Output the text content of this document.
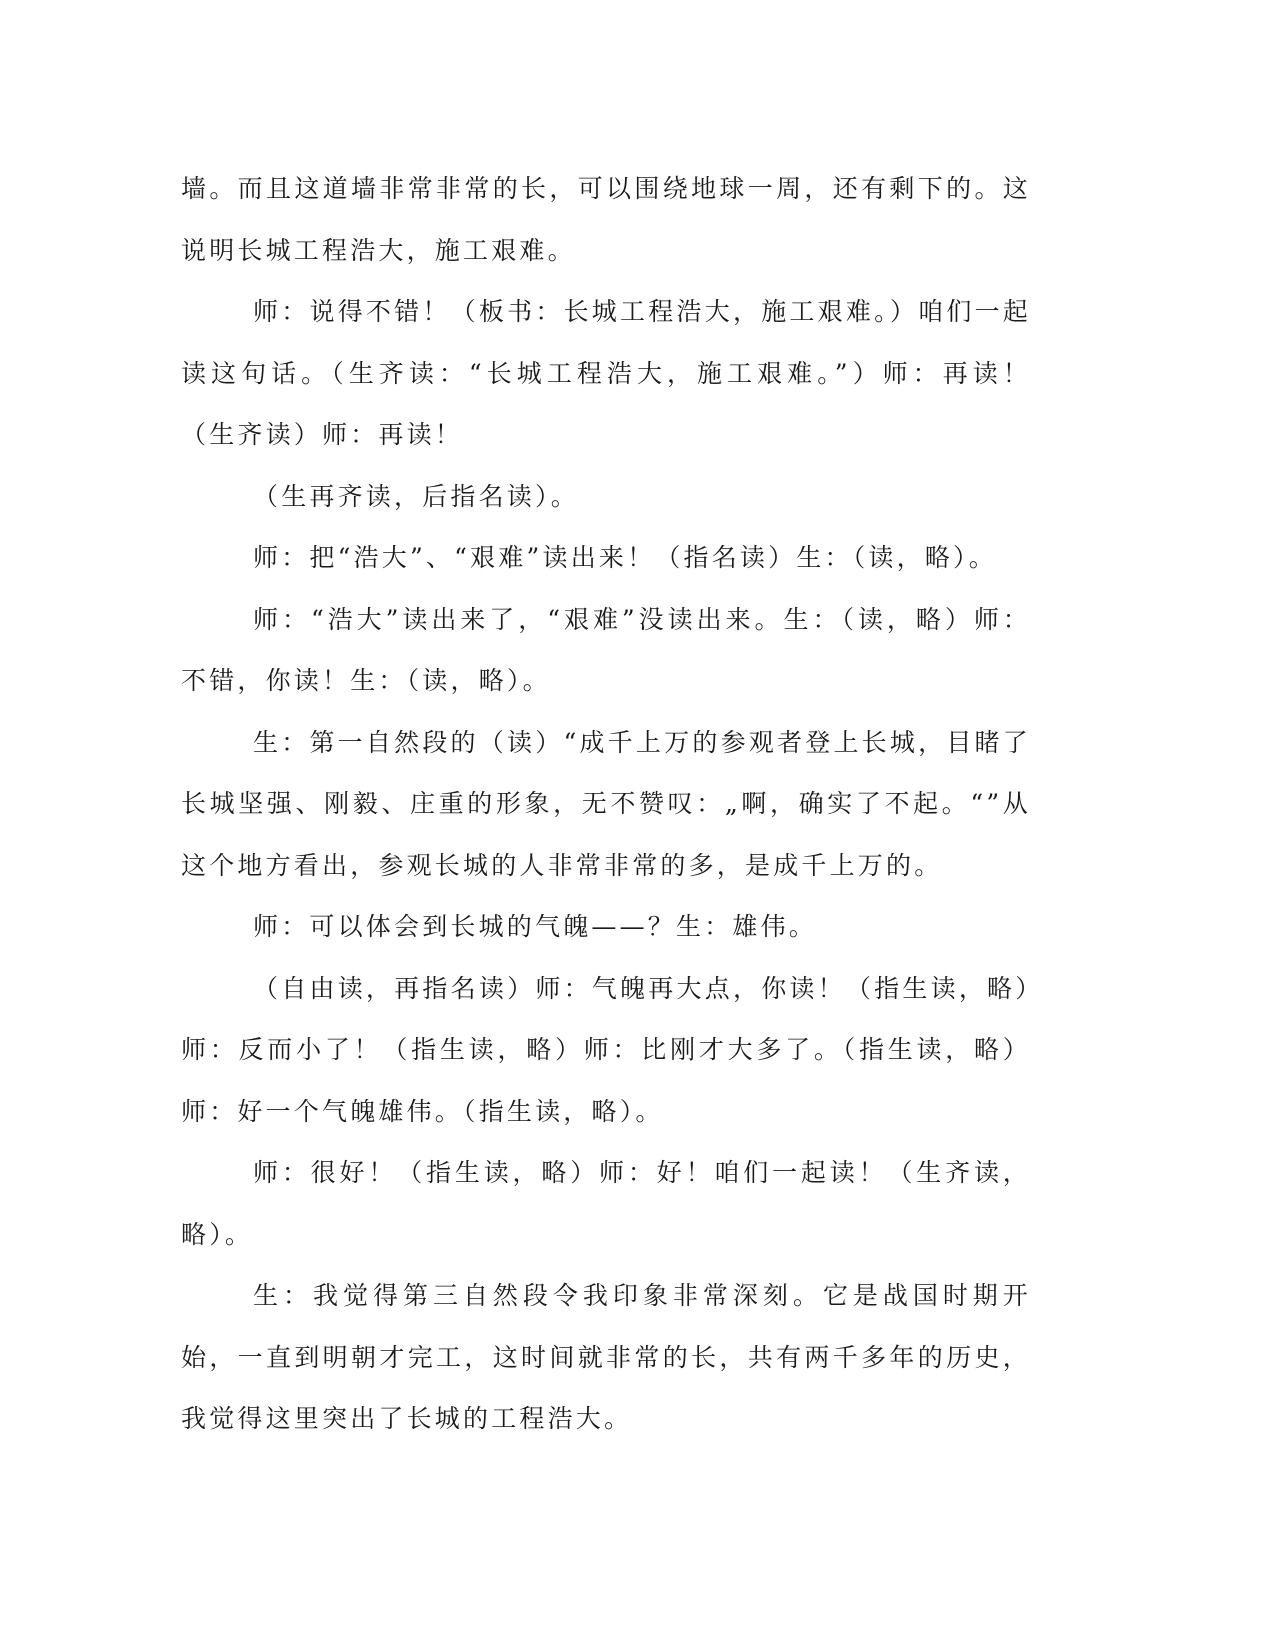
墙。而且这道墙非常非常的长，可以围绕地球一周，还有剩下的。这说明长城工程浩大，施工艰难。

师：说得不错！（板书：长城工程浩大，施工艰难。）咱们一起读这句话。（生齐读：“长城工程浩大，施工艰难。”）师：再读！（生齐读）师：再读！

（生再齐读，后指名读）。

师：把“浩大”、“艰难”读出来！（指名读）生：（读，略）。

师：“浩大”读出来了，“艰难”没读出来。生：（读，略）师：不错，你读！生：（读，略）。

生：第一自然段的（读）“成千上万的参观者登上长城，目睹了长城坚强、刚毅、庄重的形象，无不赞叹：„啊，确实了不起。“”从这个地方看出，参观长城的人非常非常的多，是成千上万的。

师：可以体会到长城的气魄——？生：雄伟。

（自由读，再指名读）师：气魄再大点，你读！（指生读，略）师：反而小了！（指生读，略）师：比刚才大多了。（指生读，略）师：好一个气魄雄伟。（指生读，略）。

师：很好！（指生读，略）师：好！咱们一起读！（生齐读，略）。

生：我觉得第三自然段令我印象非常深刻。它是战国时期开始，一直到明朝才完工，这时间就非常的长，共有两千多年的历史，我觉得这里突出了长城的工程浩大。
